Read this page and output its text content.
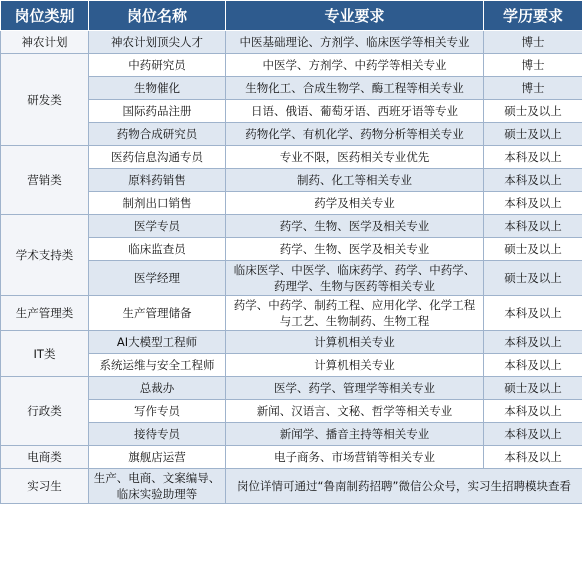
岗位类别	岗位名称	专业要求	学历要求
神农计划	神农计划顶尖人才	中医基础理论、方剂学、临床医学等相关专业	博士
研发类	中药研究员	中医学、方剂学、中药学等相关专业	博士
	生物催化	生物化工、合成生物学、酶工程等相关专业	博士
	国际药品注册	日语、俄语、葡萄牙语、西班牙语等专业	硕士及以上
	药物合成研究员	药物化学、有机化学、药物分析等相关专业	硕士及以上
营销类	医药信息沟通专员	专业不限，医药相关专业优先	本科及以上
	原料药销售	制药、化工等相关专业	本科及以上
	制剂出口销售	药学及相关专业	本科及以上
学术支持类	医学专员	药学、生物、医学及相关专业	本科及以上
	临床监查员	药学、生物、医学及相关专业	硕士及以上
	医学经理	临床医学、中医学、临床药学、药学、中药学、药理学、生物与医药等相关专业	硕士及以上
生产管理类	生产管理储备	药学、中药学、制药工程、应用化学、化学工程与工艺、生物制药、生物工程	本科及以上
IT类	AI大模型工程师	计算机相关专业	本科及以上
	系统运维与安全工程师	计算机相关专业	本科及以上
行政类	总裁办	医学、药学、管理学等相关专业	硕士及以上
	写作专员	新闻、汉语言、文秘、哲学等相关专业	本科及以上
	接待专员	新闻学、播音主持等相关专业	本科及以上
电商类	旗舰店运营	电子商务、市场营销等相关专业	本科及以上
实习生	生产、电商、文案编导、临床实验助理等	岗位详情可通过“鲁南制药招聘”微信公众号，实习生招聘模块查看	
